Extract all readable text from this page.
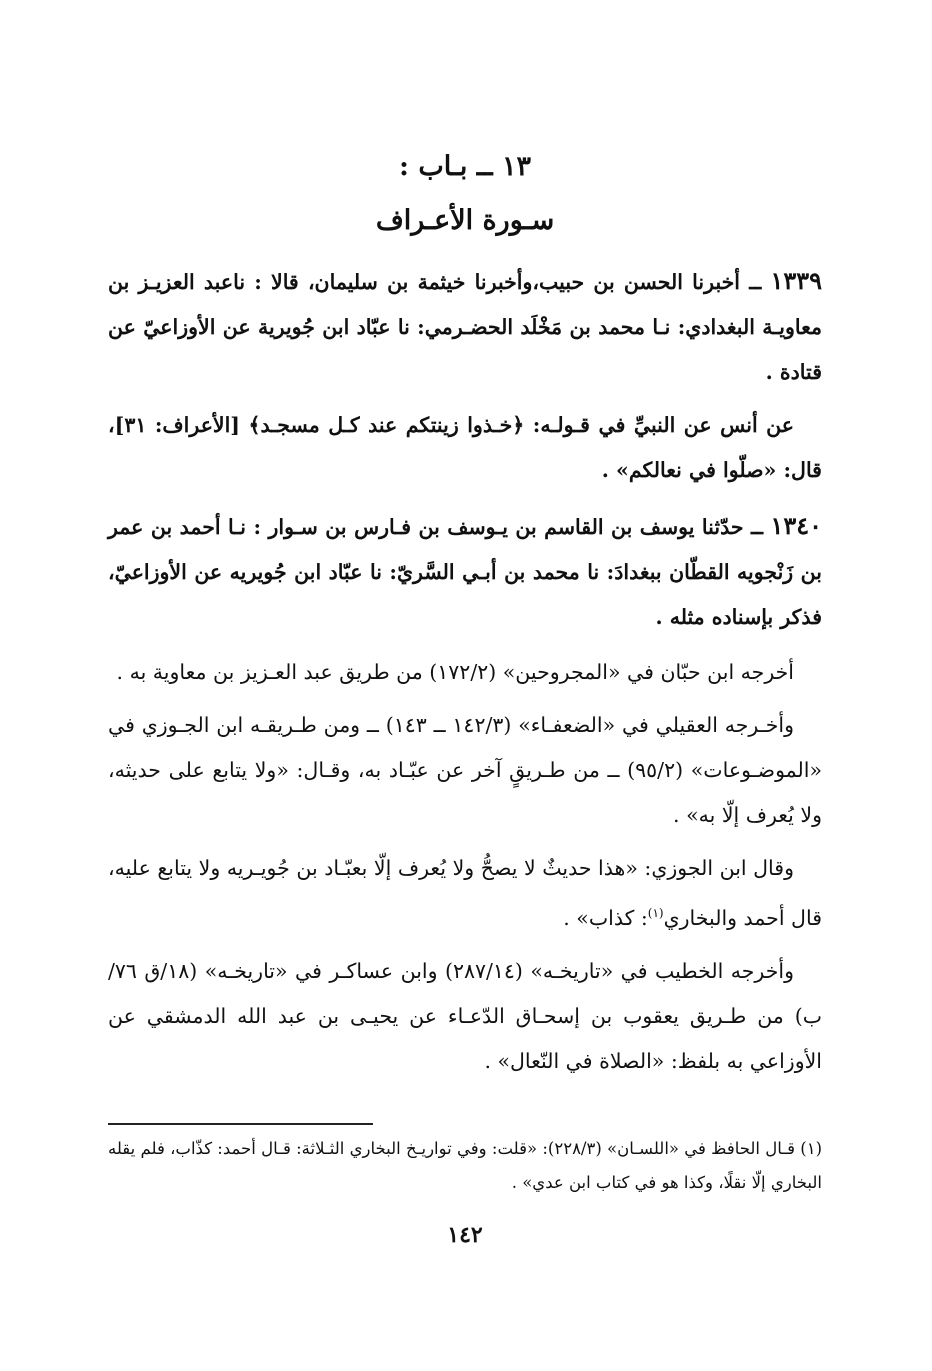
١٣ ــ بـاب :
سـورة الأعـراف

١٣٣٩ ــ أخبرنا الحسن بن حبيب،وأخبرنا خيثمة بن سليمان، قالا : ناعبد العزيـز بن معاويـة البغدادي: نـا محمد بن مَخْلَد الحضـرمي: نا عبّاد ابن جُويرية عن الأوزاعيّ عن قتادة .

عن أنس عن النبيِّ في قـولـه: ﴿خـذوا زينتكم عند كـل مسجـد﴾ [الأعراف: ٣١]، قال: «صلّوا في نعالكم» .

١٣٤٠ ــ حدّثنا يوسف بن القاسم بن يـوسف بن فـارس بن سـوار : نـا أحمد بن عمر بن زَنْجويه القطّان ببغدادَ: نا محمد بن أبـي السَّريّ: نا عبّاد ابن جُويريه عن الأوزاعيّ، فذكر بإسناده مثله .

أخرجه ابن حبّان في «المجروحين» (١٧٢/٢) من طريق عبد العـزيز بن معاوية به .

وأخـرجه العقيلي في «الضعفـاء» (١٤٢/٣ ــ ١٤٣) ــ ومن طـريقـه ابن الجـوزي في «الموضـوعات» (٩٥/٢) ــ من طـريقٍ آخر عن عبّـاد به، وقـال: «ولا يتابع على حديثه، ولا يُعرف إلّا به» .

وقال ابن الجوزي: «هذا حديثٌ لا يصحُّ ولا يُعرف إلّا بعبّـاد بن جُويـريه ولا يتابع عليه، قال أحمد والبخاري$^{(١)}$: كذاب» .

وأخرجه الخطيب في «تاريخـه» (٢٨٧/١٤) وابن عساكـر في «تاريخـه» (١٨/ق ٧٦/ب) من طـريق يعقوب بن إسحـاق الدّعـاء عن يحيـى بن عبد الله الدمشقي عن الأوزاعي به بلفظ: «الصلاة في النّعال» .

(١) قـال الحافظ في «اللسـان» (٢٢٨/٣): «قلت: وفي تواريـخ البخاري الثـلاثة: قـال أحمد: كذّاب، فلم يقله البخاري إلّا نقلًا، وكذا هو في كتاب ابن عدي» .

١٤٢
